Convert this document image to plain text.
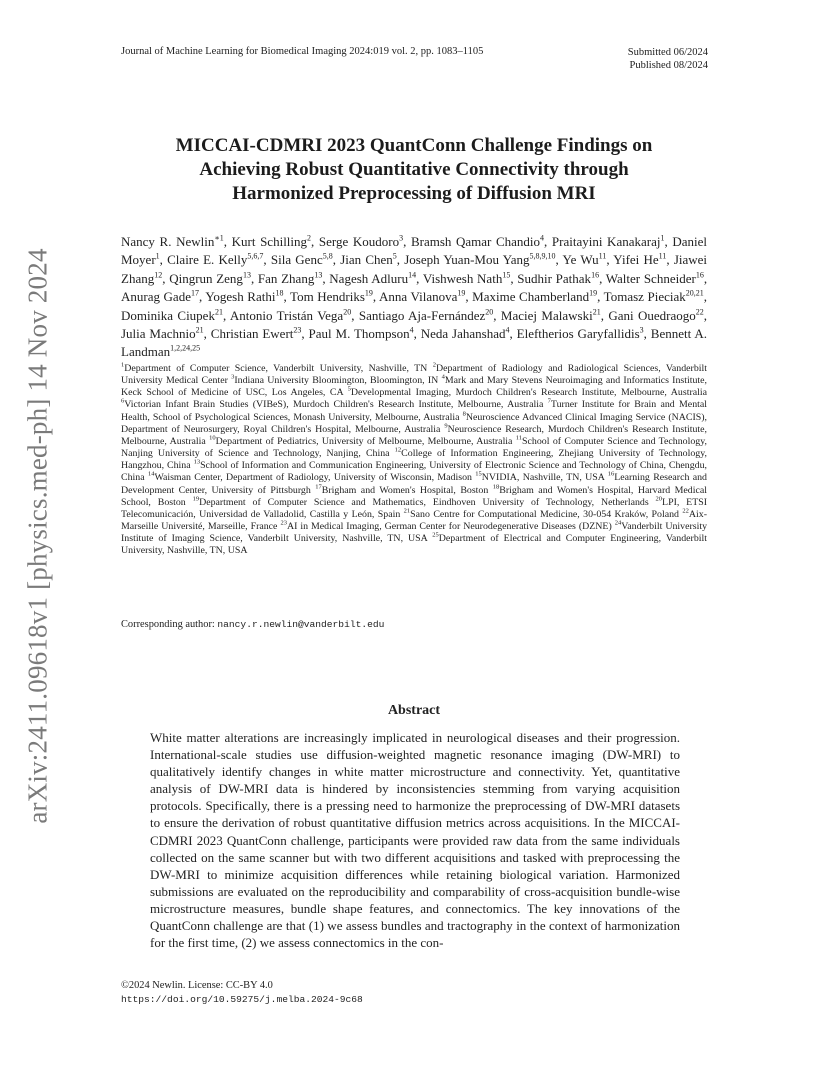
arXiv:2411.09618v1 [physics.med-ph] 14 Nov 2024
Journal of Machine Learning for Biomedical Imaging 2024:019 vol. 2, pp. 1083–1105	Submitted 06/2024
Published 08/2024
MICCAI-CDMRI 2023 QuantConn Challenge Findings on
Achieving Robust Quantitative Connectivity through
Harmonized Preprocessing of Diffusion MRI
Nancy R. Newlin$^{∗1}$, Kurt Schilling$^2$, Serge Koudoro$^3$, Bramsh Qamar Chandio$^4$, Praitayini Kanakaraj$^1$, Daniel Moyer$^1$, Claire E. Kelly$^{5,6,7}$, Sila Genc$^{5,8}$, Jian Chen$^5$, Joseph Yuan-Mou Yang$^{5,8,9,10}$, Ye Wu$^{11}$, Yifei He$^{11}$, Jiawei Zhang$^{12}$, Qingrun Zeng$^{13}$, Fan Zhang$^{13}$, Nagesh Adluru$^{14}$, Vishwesh Nath$^{15}$, Sudhir Pathak$^{16}$, Walter Schneider$^{16}$, Anurag Gade$^{17}$, Yogesh Rathi$^{18}$, Tom Hendriks$^{19}$, Anna Vilanova$^{19}$, Maxime Chamberland$^{19}$, Tomasz Pieciak$^{20,21}$, Dominika Ciupek$^{21}$, Antonio Tristán Vega$^{20}$, Santiago Aja-Fernández$^{20}$, Maciej Malawski$^{21}$, Gani Ouedraogo$^{22}$, Julia Machnio$^{21}$, Christian Ewert$^{23}$, Paul M. Thompson$^4$, Neda Jahanshad$^4$, Eleftherios Garyfallidis$^3$, Bennett A. Landman$^{1,2,24,25}$
$^1$Department of Computer Science, Vanderbilt University, Nashville, TN $^2$Department of Radiology and Radiological Sciences, Vanderbilt University Medical Center $^3$Indiana University Bloomington, Bloomington, IN $^4$Mark and Mary Stevens Neuroimaging and Informatics Institute, Keck School of Medicine of USC, Los Angeles, CA $^5$Developmental Imaging, Murdoch Children's Research Institute, Melbourne, Australia $^6$Victorian Infant Brain Studies (VIBeS), Murdoch Children's Research Institute, Melbourne, Australia $^7$Turner Institute for Brain and Mental Health, School of Psychological Sciences, Monash University, Melbourne, Australia $^8$Neuroscience Advanced Clinical Imaging Service (NACIS), Department of Neurosurgery, Royal Children's Hospital, Melbourne, Australia $^9$Neuroscience Research, Murdoch Children's Research Institute, Melbourne, Australia $^{10}$Department of Pediatrics, University of Melbourne, Melbourne, Australia $^{11}$School of Computer Science and Technology, Nanjing University of Science and Technology, Nanjing, China $^{12}$College of Information Engineering, Zhejiang University of Technology, Hangzhou, China $^{13}$School of Information and Communication Engineering, University of Electronic Science and Technology of China, Chengdu, China $^{14}$Waisman Center, Department of Radiology, University of Wisconsin, Madison $^{15}$NVIDIA, Nashville, TN, USA $^{16}$Learning Research and Development Center, University of Pittsburgh $^{17}$Brigham and Women's Hospital, Boston $^{18}$Brigham and Women's Hospital, Harvard Medical School, Boston $^{19}$Department of Computer Science and Mathematics, Eindhoven University of Technology, Netherlands $^{20}$LPI, ETSI Telecomunicación, Universidad de Valladolid, Castilla y León, Spain $^{21}$Sano Centre for Computational Medicine, 30-054 Kraków, Poland $^{22}$Aix-Marseille Université, Marseille, France $^{23}$AI in Medical Imaging, German Center for Neurodegenerative Diseases (DZNE) $^{24}$Vanderbilt University Institute of Imaging Science, Vanderbilt University, Nashville, TN, USA $^{25}$Department of Electrical and Computer Engineering, Vanderbilt University, Nashville, TN, USA
Corresponding author: nancy.r.newlin@vanderbilt.edu
Abstract
White matter alterations are increasingly implicated in neurological diseases and their progression. International-scale studies use diffusion-weighted magnetic resonance imaging (DW-MRI) to qualitatively identify changes in white matter microstructure and connectivity. Yet, quantitative analysis of DW-MRI data is hindered by inconsistencies stemming from varying acquisition protocols. Specifically, there is a pressing need to harmonize the preprocessing of DW-MRI datasets to ensure the derivation of robust quantitative diffusion metrics across acquisitions. In the MICCAI-CDMRI 2023 QuantConn challenge, participants were provided raw data from the same individuals collected on the same scanner but with two different acquisitions and tasked with preprocessing the DW-MRI to minimize acquisition differences while retaining biological variation. Harmonized submissions are evaluated on the reproducibility and comparability of cross-acquisition bundle-wise microstructure measures, bundle shape features, and connectomics. The key innovations of the QuantConn challenge are that (1) we assess bundles and tractography in the context of harmonization for the first time, (2) we assess connectomics in the con-
©2024 Newlin. License: CC-BY 4.0
https://doi.org/10.59275/j.melba.2024-9c68
